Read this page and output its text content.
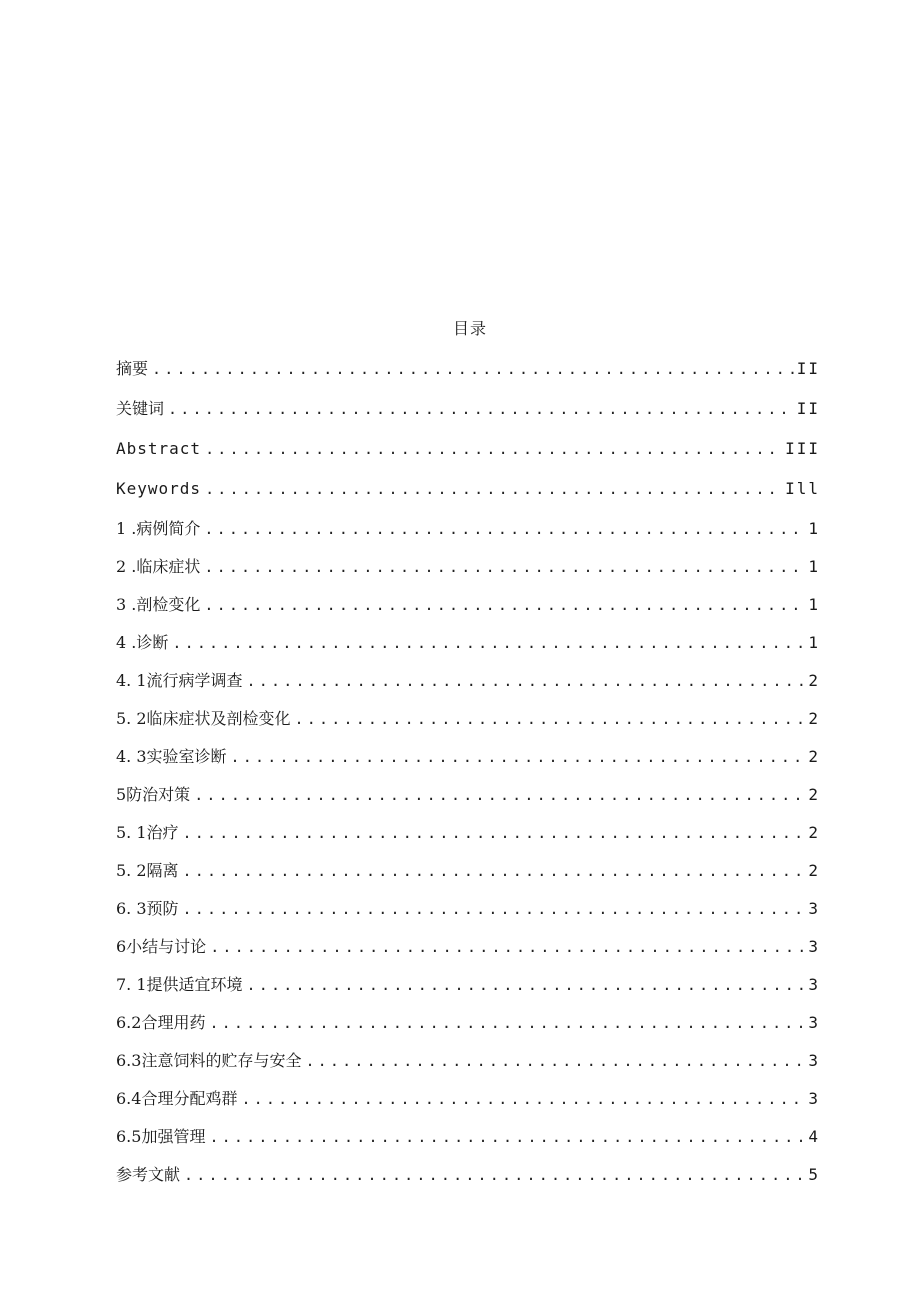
目录
摘要 .....	II
关键词 .....	II
Abstract .....	III
Keywords .....	Ill
1 .病例简介 .....	1
2 .临床症状 .....	1
3 .剖检变化 .....	1
4 .诊断 .....	1
4. 1流行病学调查 .....	2
5. 2临床症状及剖检变化 .....	2
4. 3实验室诊断 .....	2
5防治对策 .....	2
5. 1治疗 .....	2
5. 2隔离 .....	2
6. 3预防 .....	3
6小结与讨论 .....	3
7. 1提供适宜环境 .....	3
6.2合理用药 .....	3
6.3注意饲料的贮存与安全 .....	3
6.4合理分配鸡群 .....	3
6.5加强管理 .....	4
参考文献 .....	5
